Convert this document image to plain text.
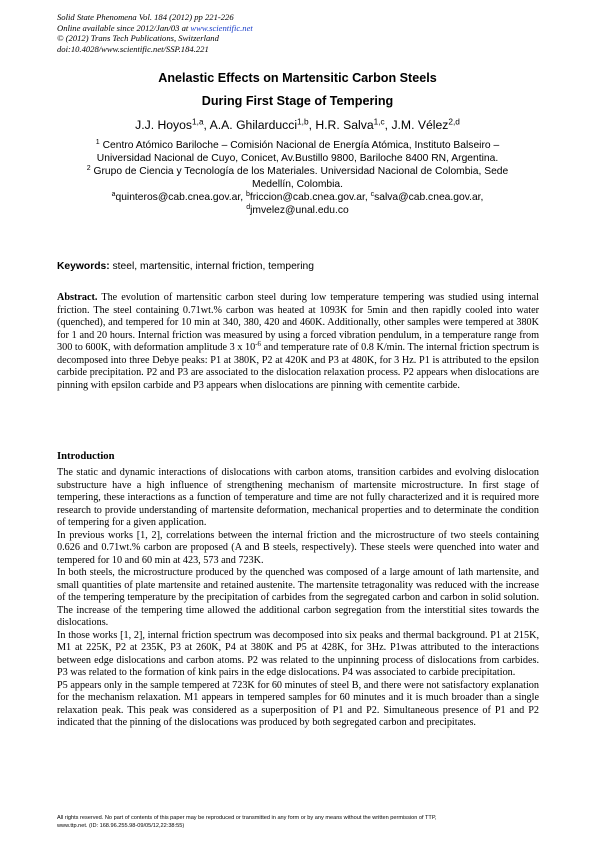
Solid State Phenomena Vol. 184 (2012) pp 221-226
Online available since 2012/Jan/03 at www.scientific.net
© (2012) Trans Tech Publications, Switzerland
doi:10.4028/www.scientific.net/SSP.184.221
Anelastic Effects on Martensitic Carbon Steels
During First Stage of Tempering
J.J. Hoyos$^{1,a}$, A.A. Ghilarducci$^{1,b}$, H.R. Salva$^{1,c}$, J.M. Vélez$^{2,d}$
$^1$ Centro Atómico Bariloche – Comisión Nacional de Energía Atómica, Instituto Balseiro –
Universidad Nacional de Cuyo, Conicet, Av.Bustillo 9800, Bariloche 8400 RN, Argentina.
$^2$ Grupo de Ciencia y Tecnología de los Materiales. Universidad Nacional de Colombia, Sede
Medellín, Colombia.
$^a$quinteros@cab.cnea.gov.ar, $^b$friccion@cab.cnea.gov.ar, $^c$salva@cab.cnea.gov.ar,
$^d$jmvelez@unal.edu.co
Keywords: steel, martensitic, internal friction, tempering

Abstract. The evolution of martensitic carbon steel during low temperature tempering was studied using internal friction. The steel containing 0.71wt.% carbon was heated at 1093K for 5min and then rapidly cooled into water (quenched), and tempered for 10 min at 340, 380, 420 and 460K. Additionally, other samples were tempered at 380K for 1 and 20 hours. Internal friction was measured by using a forced vibration pendulum, in a temperature range from 300 to 600K, with deformation amplitude 3 x $10^{-6}$ and temperature rate of 0.8 K/min. The internal friction spectrum is decomposed into three Debye peaks: P1 at 380K, P2 at 420K and P3 at 480K, for 3 Hz. P1 is attributed to the epsilon carbide precipitation. P2 and P3 are associated to the dislocation relaxation process. P2 appears when dislocations are pinning with epsilon carbide and P3 appears when dislocations are pinning with cementite carbide.

Introduction

The static and dynamic interactions of dislocations with carbon atoms, transition carbides and evolving dislocation substructure have a high influence of strengthening mechanism of martensite microstructure. In first stage of tempering, these interactions as a function of temperature and time are not fully characterized and it is required more research to provide understanding of martensite deformation, mechanical properties and to determinate the condition of tempering for a given application.

In previous works [1, 2], correlations between the internal friction and the microstructure of two steels containing 0.626 and 0.71wt.% carbon are proposed (A and B steels, respectively). These steels were quenched into water and tempered for 10 and 60 min at 423, 573 and 723K.

In both steels, the microstructure produced by the quenched was composed of a large amount of lath martensite, and small quantities of plate martensite and retained austenite. The martensite tetragonality was reduced with the increase of the tempering temperature by the precipitation of carbides from the segregated carbon and carbon in solid solution. The increase of the tempering time allowed the additional carbon segregation from the interstitial sites towards the dislocations.

In those works [1, 2], internal friction spectrum was decomposed into six peaks and thermal background. P1 at 215K, M1 at 225K, P2 at 235K, P3 at 260K, P4 at 380K and P5 at 428K, for 3Hz. P1was attributed to the interactions between edge dislocations and carbon atoms. P2 was related to the unpinning process of dislocations from carbides. P3 was related to the formation of kink pairs in the edge dislocations. P4 was associated to carbide precipitation.

P5 appears only in the sample tempered at 723K for 60 minutes of steel B, and there were not satisfactory explanation for the mechanism relaxation. M1 appears in tempered samples for 60 minutes and it is much broader than a single relaxation peak. This peak was considered as a superposition of P1 and P2. Simultaneous presence of P1 and P2 indicated that the pinning of the dislocations was produced by both segregated carbon and precipitates.

All rights reserved. No part of contents of this paper may be reproduced or transmitted in any form or by any means without the written permission of TTP,
www.ttp.net. (ID: 168.96.255.98-09/05/12,22:38:55)
